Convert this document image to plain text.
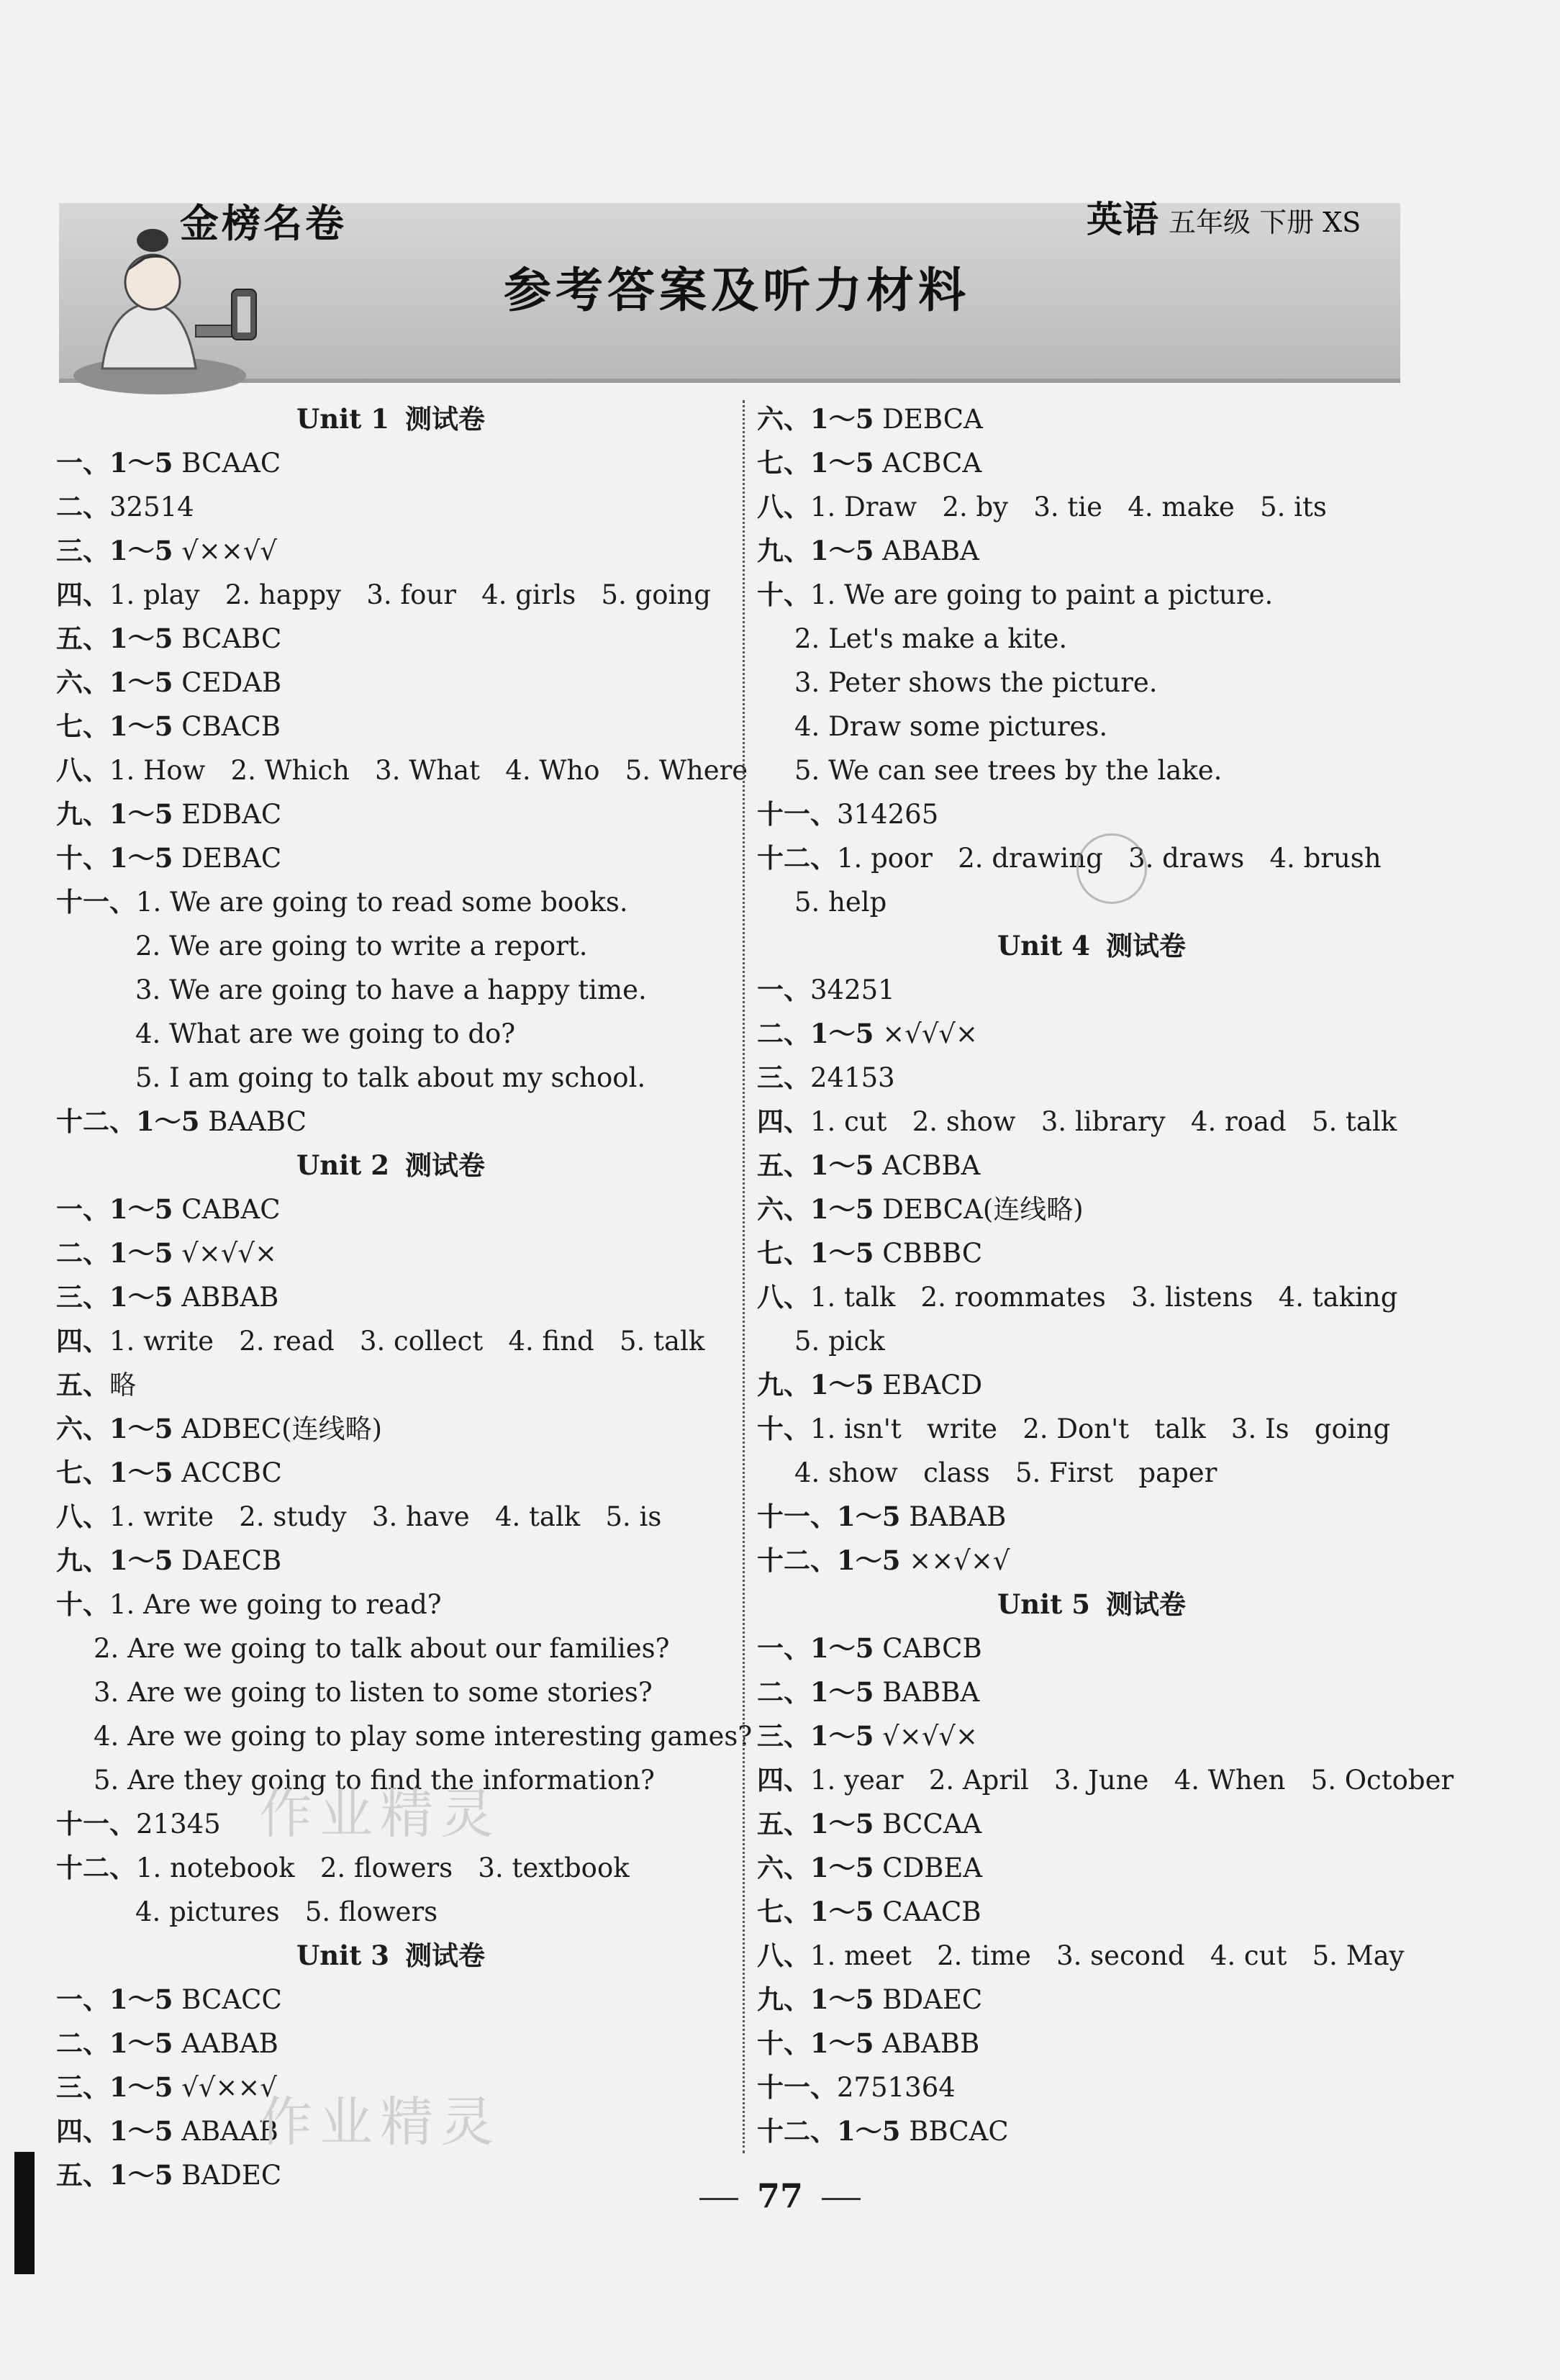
金榜名卷	英语 五年级 下册 XS
参考答案及听力材料
Unit 1 测试卷
一、1～5 BCAAC
二、32514
三、1～5 √××√√
四、1. play   2. happy   3. four   4. girls   5. going
五、1～5 BCABC
六、1～5 CEDAB
七、1～5 CBACB
八、1. How   2. Which   3. What   4. Who   5. Where
九、1～5 EDBAC
十、1～5 DEBAC
十一、1. We are going to read some books.
2. We are going to write a report.
3. We are going to have a happy time.
4. What are we going to do?
5. I am going to talk about my school.
十二、1～5 BAABC
Unit 2 测试卷
一、1～5 CABAC
二、1～5 √×√√×
三、1～5 ABBAB
四、1. write   2. read   3. collect   4. find   5. talk
五、略
六、1～5 ADBEC(连线略)
七、1～5 ACCBC
八、1. write   2. study   3. have   4. talk   5. is
九、1～5 DAECB
十、1. Are we going to read?
2. Are we going to talk about our families?
3. Are we going to listen to some stories?
4. Are we going to play some interesting games?
5. Are they going to find the information?
十一、21345
十二、1. notebook   2. flowers   3. textbook
4. pictures   5. flowers
Unit 3 测试卷
一、1～5 BCACC
二、1～5 AABAB
三、1～5 √√××√
四、1～5 ABAAB
五、1～5 BADEC
六、1～5 DEBCA
七、1～5 ACBCA
八、1. Draw   2. by   3. tie   4. make   5. its
九、1～5 ABABA
十、1. We are going to paint a picture.
2. Let's make a kite.
3. Peter shows the picture.
4. Draw some pictures.
5. We can see trees by the lake.
十一、314265
十二、1. poor   2. drawing   3. draws   4. brush
5. help
Unit 4 测试卷
一、34251
二、1～5 ×√√√×
三、24153
四、1. cut   2. show   3. library   4. road   5. talk
五、1～5 ACBBA
六、1～5 DEBCA(连线略)
七、1～5 CBBBC
八、1. talk   2. roommates   3. listens   4. taking
5. pick
九、1～5 EBACD
十、1. isn't   write   2. Don't   talk   3. Is   going
4. show   class   5. First   paper
十一、1～5 BABAB
十二、1～5 ××√×√
Unit 5 测试卷
一、1～5 CABCB
二、1～5 BABBA
三、1～5 √×√√×
四、1. year   2. April   3. June   4. When   5. October
五、1～5 BCCAA
六、1～5 CDBEA
七、1～5 CAACB
八、1. meet   2. time   3. second   4. cut   5. May
九、1～5 BDAEC
十、1～5 ABABB
十一、2751364
十二、1～5 BBCAC
作业精灵
作业精灵
77
